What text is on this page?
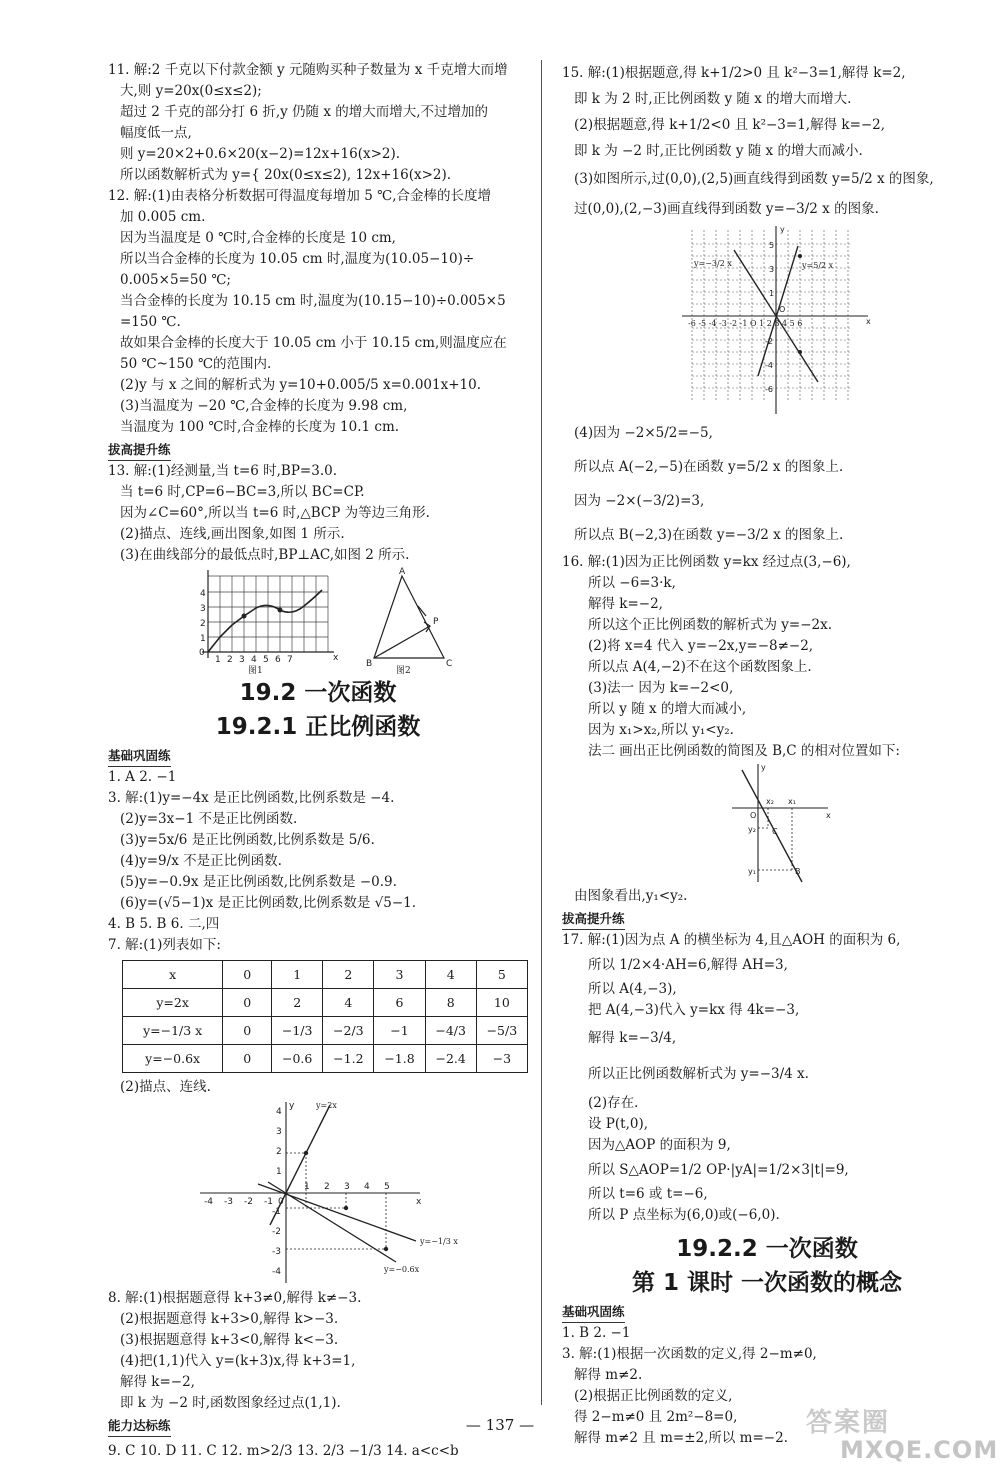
11. 解:2 千克以下付款金额 y 元随购买种子数量为 x 千克增大而增

大,则 y=20x(0≤x≤2);

超过 2 千克的部分打 6 折,y 仍随 x 的增大而增大,不过增加的

幅度低一点,

则 y=20×2+0.6×20(x−2)=12x+16(x>2).

所以函数解析式为 y={ 20x(0≤x≤2), 12x+16(x>2).

12. 解:(1)由表格分析数据可得温度每增加 5 ℃,合金棒的长度增

加 0.005 cm.

因为当温度是 0 ℃时,合金棒的长度是 10 cm,

所以当合金棒的长度为 10.05 cm 时,温度为(10.05−10)÷

0.005×5=50 ℃;

当合金棒的长度为 10.15 cm 时,温度为(10.15−10)÷0.005×5

=150 ℃.

故如果合金棒的长度大于 10.05 cm 小于 10.15 cm,则温度应在

50 ℃~150 ℃的范围内.

(2)y 与 x 之间的解析式为 y=10+0.005/5 x=0.001x+10.

(3)当温度为 −20 ℃,合金棒的长度为 9.98 cm,

当温度为 100 ℃时,合金棒的长度为 10.1 cm.

拔高提升练

13. 解:(1)经测量,当 t=6 时,BP=3.0.

当 t=6 时,CP=6−BC=3,所以 BC=CP.

因为∠C=60°,所以当 t=6 时,△BCP 为等边三角形.

(2)描点、连线,画出图象,如图 1 所示.

(3)在曲线部分的最低点时,BP⊥AC,如图 2 所示.

0
1 2 3 4 5 6 7	x
1
2
3
4
图1
A
B	C
P
图2
19.2 一次函数
19.2.1 正比例函数
基础巩固练

1. A 2. −1

3. 解:(1)y=−4x 是正比例函数,比例系数是 −4.

(2)y=3x−1 不是正比例函数.

(3)y=5x/6 是正比例函数,比例系数是 5/6.

(4)y=9/x 不是正比例函数.

(5)y=−0.9x 是正比例函数,比例系数是 −0.9.

(6)y=(√5−1)x 是正比例函数,比例系数是 √5−1.

4. B 5. B 6. 二,四

7. 解:(1)列表如下:

x	0	1	2	3	4	5
y=2x	0	2	4	6	8	10
y=−1/3 x	0	−1/3	−2/3	−1	−4/3	−5/3
y=−0.6x	0	−0.6	−1.2	−1.8	−2.4	−3

(2)描点、连线.

-4 -3 -2 -1 0
1 2 3 4 5
x
4
3
2
1
-1
-2
-3
-4
y	y=2x
y=−1/3 x
y=−0.6x

8. 解:(1)根据题意得 k+3≠0,解得 k≠−3.

(2)根据题意得 k+3>0,解得 k>−3.

(3)根据题意得 k+3<0,解得 k<−3.

(4)把(1,1)代入 y=(k+3)x,得 k+3=1,

解得 k=−2,

即 k 为 −2 时,函数图象经过点(1,1).

能力达标练

9. C 10. D 11. C 12. m>2/3 13. 2/3 −1/3 14. a<c<b

15. 解:(1)根据题意,得 k+1/2>0 且 k²−3=1,解得 k=2,

即 k 为 2 时,正比例函数 y 随 x 的增大而增大.

(2)根据题意,得 k+1/2<0 且 k²−3=1,解得 k=−2,

即 k 为 −2 时,正比例函数 y 随 x 的增大而减小.

(3)如图所示,过(0,0),(2,5)画直线得到函数 y=5/2 x 的图象,

过(0,0),(2,−3)画直线得到函数 y=−3/2 x 的图象.

y
x
O
5
3
1
-2
-4
-6
-6 -5 -4 -3 -2 -1 O 1 2 3 4 5 6
y=−3/2 x	y=5/2 x

(4)因为 −2×5/2=−5,

所以点 A(−2,−5)在函数 y=5/2 x 的图象上.

因为 −2×(−3/2)=3,

所以点 B(−2,3)在函数 y=−3/2 x 的图象上.

16. 解:(1)因为正比例函数 y=kx 经过点(3,−6),

所以 −6=3·k,

解得 k=−2,

所以这个正比例函数的解析式为 y=−2x.

(2)将 x=4 代入 y=−2x,y=−8≠−2,

所以点 A(4,−2)不在这个函数图象上.

(3)法一 因为 k=−2<0,

所以 y 随 x 的增大而减小,

因为 x₁>x₂,所以 y₁<y₂.

法二 画出正比例函数的简图及 B,C 的相对位置如下:

y
x
O
x₂ x₁
y₂
y₁
C
B

由图象看出,y₁<y₂.

拔高提升练

17. 解:(1)因为点 A 的横坐标为 4,且△AOH 的面积为 6,

所以 1/2×4·AH=6,解得 AH=3,

所以 A(4,−3),

把 A(4,−3)代入 y=kx 得 4k=−3,

解得 k=−3/4,

所以正比例函数解析式为 y=−3/4 x.

(2)存在.

设 P(t,0),

因为△AOP 的面积为 9,

所以 S△AOP=1/2 OP·|yA|=1/2×3|t|=9,

所以 t=6 或 t=−6,

所以 P 点坐标为(6,0)或(−6,0).

19.2.2 一次函数
第 1 课时 一次函数的概念
基础巩固练

1. B 2. −1

3. 解:(1)根据一次函数的定义,得 2−m≠0,

解得 m≠2.

(2)根据正比例函数的定义,

得 2−m≠0 且 2m²−8=0,

解得 m≠2 且 m=±2,所以 m=−2.

— 137 —	答案圈
MXQE.COM
